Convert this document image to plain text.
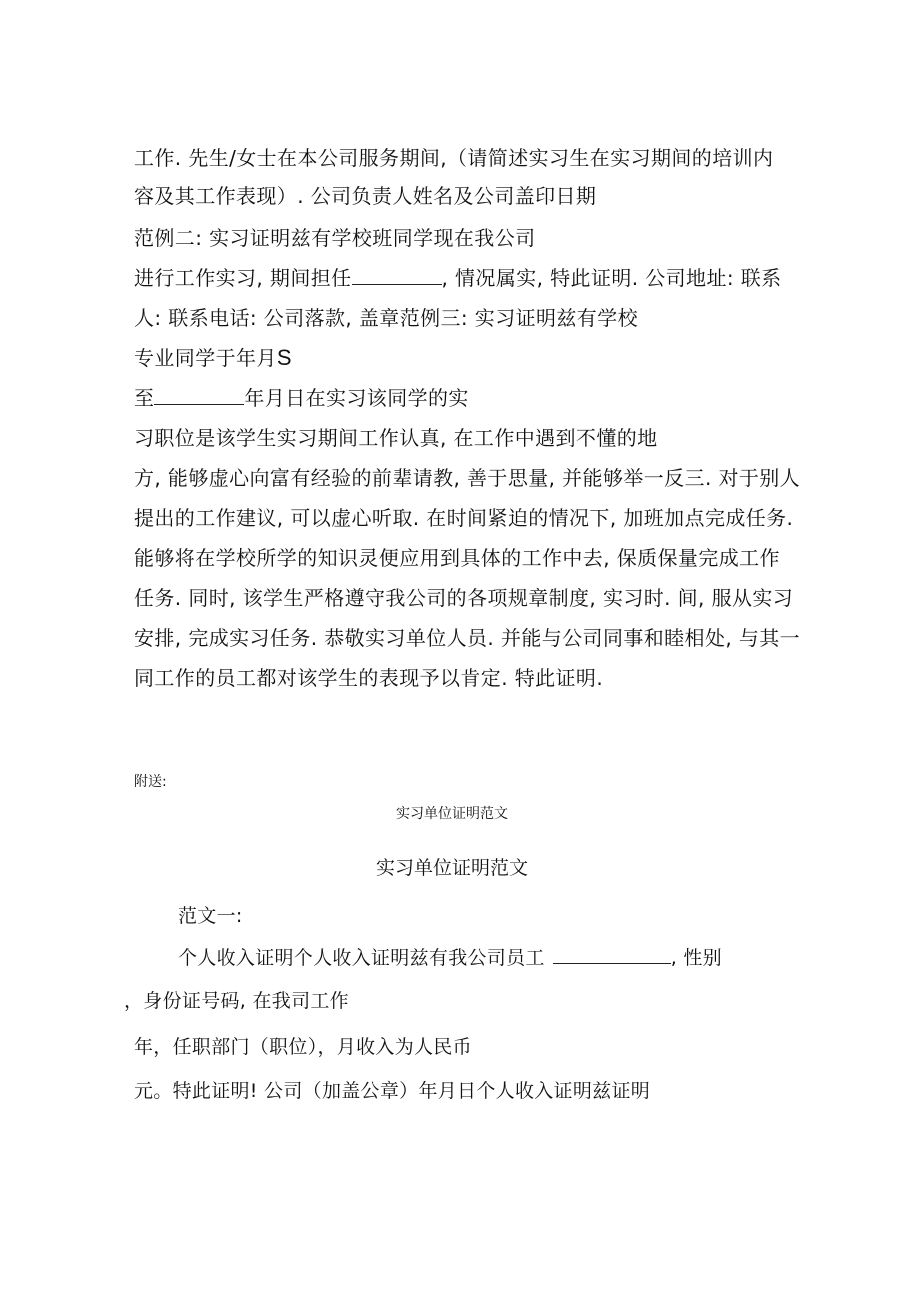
工作. 先生/女士在本公司服务期间,（请简述实习生在实习期间的培训内
容及其工作表现）. 公司负责人姓名及公司盖印日期
范例二: 实习证明兹有学校班同学现在我公司
进行工作实习, 期间担任	, 情况属实, 特此证明. 公司地址: 联系
人: 联系电话: 公司落款, 盖章范例三: 实习证明兹有学校
专业同学于年月S
至	年月日在实习该同学的实
习职位是该学生实习期间工作认真, 在工作中遇到不懂的地
方, 能够虚心向富有经验的前辈请教, 善于思量, 并能够举一反三. 对于别人
提出的工作建议, 可以虚心听取. 在时间紧迫的情况下, 加班加点完成任务.
能够将在学校所学的知识灵便应用到具体的工作中去, 保质保量完成工作
任务. 同时, 该学生严格遵守我公司的各项规章制度, 实习时. 间, 服从实习
安排, 完成实习任务. 恭敬实习单位人员. 并能与公司同事和睦相处, 与其一
同工作的员工都对该学生的表现予以肯定. 特此证明.
附送:
实习单位证明范文
实习单位证明范文
范文一:
个人收入证明个人收入证明兹有我公司员工	, 性别
，身份证号码, 在我司工作
年，任职部门（职位），月收入为人民币
元。特此证明! 公司（加盖公章）年月日个人收入证明兹证明
